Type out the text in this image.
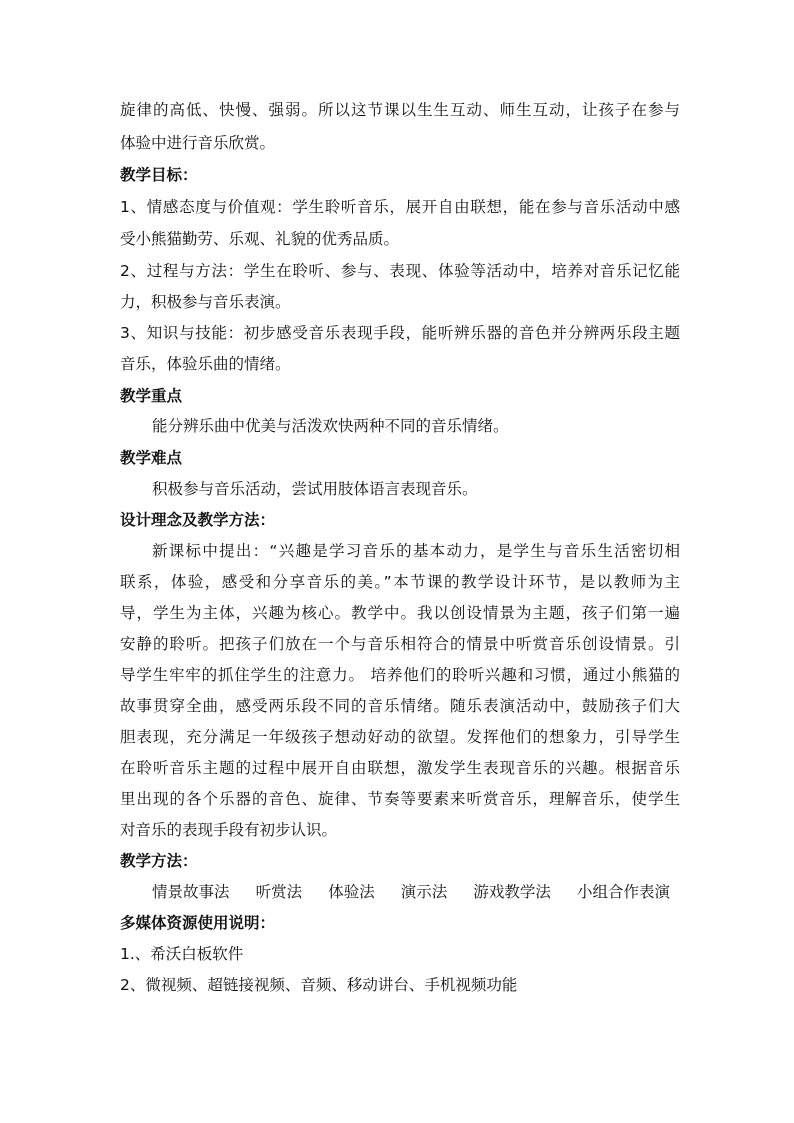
旋律的高低、快慢、强弱。所以这节课以生生互动、师生互动，让孩子在参与
体验中进行音乐欣赏。
教学目标：
1、情感态度与价值观：学生聆听音乐，展开自由联想，能在参与音乐活动中感
受小熊猫勤劳、乐观、礼貌的优秀品质。
2、过程与方法：学生在聆听、参与、表现、体验等活动中，培养对音乐记忆能
力，积极参与音乐表演。
3、知识与技能：初步感受音乐表现手段，能听辨乐器的音色并分辨两乐段主题
音乐，体验乐曲的情绪。
教学重点
能分辨乐曲中优美与活泼欢快两种不同的音乐情绪。
教学难点
积极参与音乐活动，尝试用肢体语言表现音乐。
设计理念及教学方法：
新课标中提出：“兴趣是学习音乐的基本动力，是学生与音乐生活密切相
联系，体验，感受和分享音乐的美。”本节课的教学设计环节，是以教师为主
导，学生为主体，兴趣为核心。教学中。我以创设情景为主题，孩子们第一遍
安静的聆听。把孩子们放在一个与音乐相符合的情景中听赏音乐创设情景。引
导学生牢牢的抓住学生的注意力。 培养他们的聆听兴趣和习惯，通过小熊猫的
故事贯穿全曲，感受两乐段不同的音乐情绪。随乐表演活动中，鼓励孩子们大
胆表现，充分满足一年级孩子想动好动的欲望。发挥他们的想象力，引导学生
在聆听音乐主题的过程中展开自由联想，激发学生表现音乐的兴趣。根据音乐
里出现的各个乐器的音色、旋律、节奏等要素来听赏音乐，理解音乐，使学生
对音乐的表现手段有初步认识。
教学方法：
情景故事法 听赏法 体验法 演示法 游戏教学法 小组合作表演
多媒体资源使用说明：
1.、希沃白板软件
2、微视频、超链接视频、音频、移动讲台、手机视频功能
